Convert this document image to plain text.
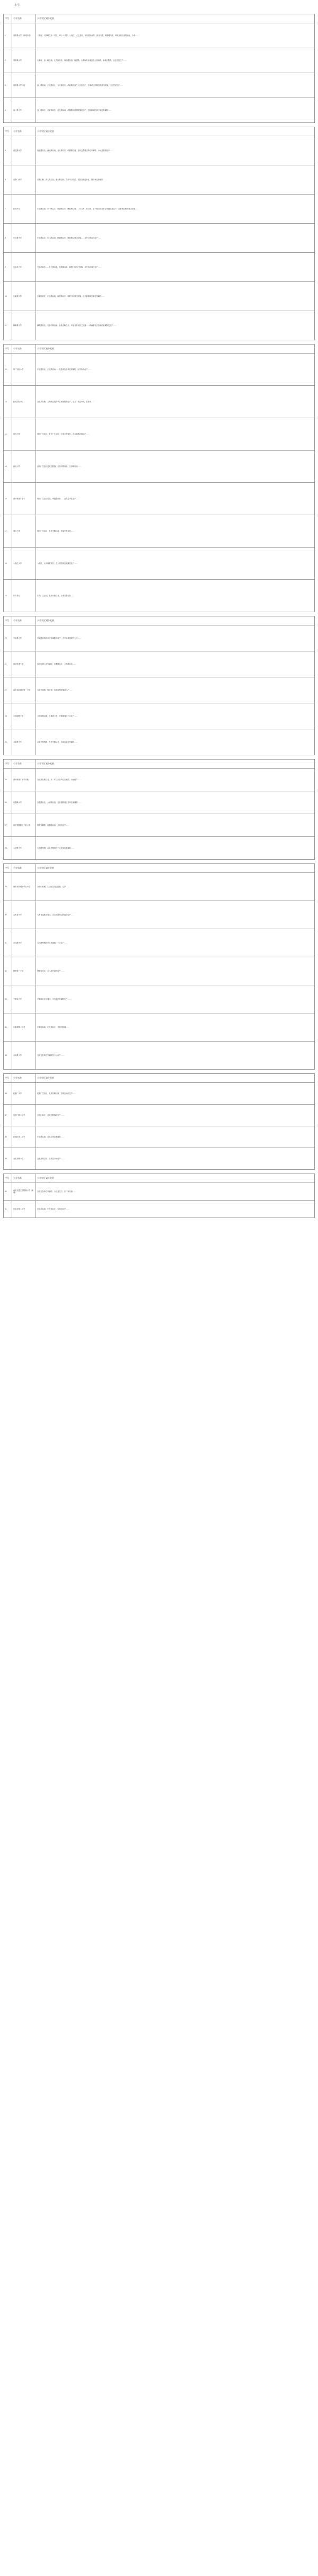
小学
序号	小学名称	小学学区划分范围
1	青年路小学（新城分校）	二府街、兴庆路以东一号院、1号一1号院、八府庄、太乙北站、民乐园小区等，西北环路、明城墙内外，环城北路以北的小区、小巷……
2	青年路小学	北新街、西一路以南，北大街以东，尚俭路以西，尚德路、北新街东北地区及公园南路、新城大院等，社区居民住户……
3	青年路小学分校	西一路以南、东七路以北、北大街以东、尚俭路以西之小区及住户，含革命公园周边的部分院落，社区居民住户……
4	西一路小学	西一路以北，北新街以东，西七路以南，尚德路以西的院落及住户，包括新城区部分单位家属院……
序号	小学名称	小学学区划分范围
5	西五路小学	西五路以北、西七路以南、北大街以东，尚德路以西，含西五路周边单位家属院、小区及临街住户……
6	后宰门小学	后宰门街、西七路以北、北大街以西，含后宰门小区、北院门周边小区、部分单位家属院……
7	新城小学	东五路以南、东一路以北、尚德路以东、解放路以西……东八路、东七路、东六路沿线各单位家属院及住户，含新城区政府周边院落……
8	东七路小学	东七路以北、东八路以南、尚德路以东、解放路以西之院落……含东七路沿线住户……
9	长乐坊小学	长乐坊以东……东大街以北，东新街以南、朝阳门以西之院落，含长乐坊周边住户……
10	东新街小学	东新街以北、东五路以南，解放路以东，朝阳门以西之院落，含东新街周边单位家属院……
11	韩森寨小学	韩森路以北、长乐中路以南、金花北路以东、幸福北路以西之院落……韩森寨社区各单位家属院及住户……
序号	小学名称	小学学区划分范围
12	第二实验小学	东五路以北，东七路以南……以及周边各单位家属院，区内所有住户……
13	新城实验小学	含长乐东路、万寿路沿线各单位家属院及住户，东方厂周边小区，长乐苑……
14	黄河小学	黄河厂生活区、东方厂生活区、万寿北路以东，含金花路沿线住户……
15	西光小学	西光厂生活区及周边院落，长乐中路以北、万寿路以西……
16	黄河机械厂小学	黄河厂生活区以北，幸福路以东……含周边小区住户……
17	秦川小学	秦川厂生活区、长乐中路以南、幸福中路以西……
18	八府庄小学	八府庄、太华南路以东，含大明宫周边院落及住户……
19	东方小学	东方厂生活区，长乐东路以北、万寿北路以东……
序号	小学名称	小学学区划分范围
20	幸福林小学	幸福路沿线各单位家属院及住户，含幸福林带周边小区……
21	西北电建小学	西北电建公司家属院，长缨路以北、万寿路以东……
22	西安市新城区第一小学	含东关南街、炮房街、乐居场等院落及住户……
23	公园南路小学	公园南路以南，含革命公园、北新街周边小区住户……
24	金花路小学	金花北路两侧、长乐中路以北、含周边单位家属院……
序号	小学名称	小学学区划分范围
25	黄河机械厂小学分校	含长乐东路以北，东二环以东各单位家属院、小区住户……
26	自强路小学	自强路以北，太华路以西，含自强路周边各单位家属院……
27	西安铁路职工子弟小学	铁路家属院、自强路以南、含周边住户……
28	太华路小学	太华路两侧、含太华路周边小区及单位家属院……
序号	小学名称	小学学区划分范围
29	西安市新城区华山小学	含华山机械厂生活区及周边院落，住户……
30	大明宫小学	大明宫遗址区周边，含含元殿周边院落及住户……
31	含元路小学	含元路两侧各单位家属院、小区住户……
32	铁路第一小学	铁路住宅区，含八府庄周边住户……
33	辛家庙小学	辛家庙社区及周边，含各单位家属院住户……
34	东新街第二小学	东新街以南、东大街以北、含周边院落……
35	含光路小学	含周边各单位家属院及小区住户……
序号	小学名称	小学学区划分范围
36	红旗厂小学	红旗厂生活区、长乐东路以南，含周边小区住户……
37	后宰门第二小学	后宰门以北、含周边院落及住户……
38	新城区第二小学	东七路以南、含周边单位家属院……
39	金花北路小学	金花北路以东、含周边小区住户……
序号	小学名称	小学学区划分范围
40	西安交通大学附属小学（新城）	含周边各单位家属院、小区及住户，东二环以西……
41	长乐坊第二小学	长乐坊以南、东大街以北，含周边住户……
